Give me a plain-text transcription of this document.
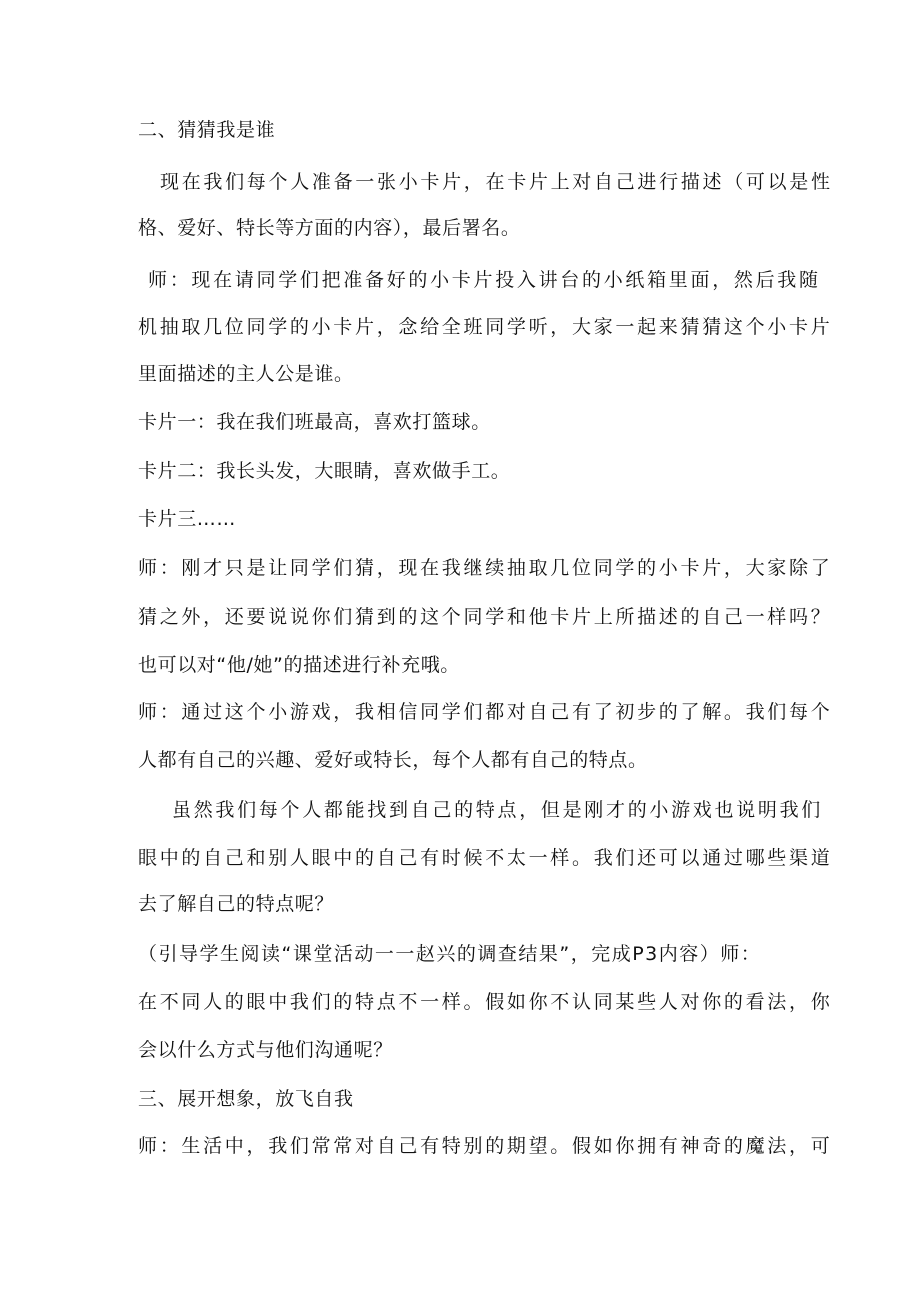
二、猜猜我是谁

现在我们每个人准备一张小卡片，在卡片上对自己进行描述（可以是性

格、爱好、特长等方面的内容），最后署名。

师：现在请同学们把准备好的小卡片投入讲台的小纸箱里面，然后我随

机抽取几位同学的小卡片，念给全班同学听，大家一起来猜猜这个小卡片

里面描述的主人公是谁。

卡片一：我在我们班最高，喜欢打篮球。

卡片二：我长头发，大眼睛，喜欢做手工。

卡片三……

师：刚才只是让同学们猜，现在我继续抽取几位同学的小卡片，大家除了

猜之外，还要说说你们猜到的这个同学和他卡片上所描述的自己一样吗？

也可以对“他/她”的描述进行补充哦。

师：通过这个小游戏，我相信同学们都对自己有了初步的了解。我们每个

人都有自己的兴趣、爱好或特长，每个人都有自己的特点。

虽然我们每个人都能找到自己的特点，但是刚才的小游戏也说明我们

眼中的自己和别人眼中的自己有时候不太一样。我们还可以通过哪些渠道

去了解自己的特点呢？

（引导学生阅读“课堂活动一一赵兴的调查结果”，完成P3内容）师：

在不同人的眼中我们的特点不一样。假如你不认同某些人对你的看法，你

会以什么方式与他们沟通呢？

三、展开想象，放飞自我

师：生活中，我们常常对自己有特别的期望。假如你拥有神奇的魔法，可
